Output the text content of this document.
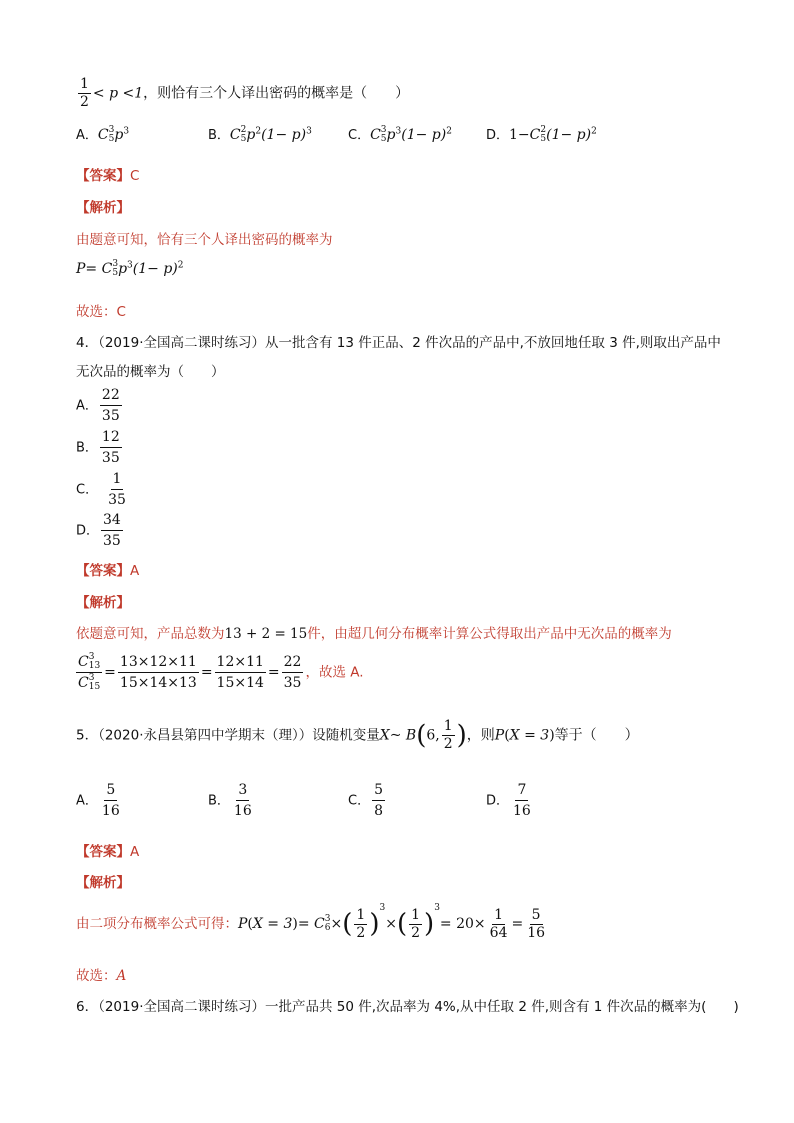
$\frac{1}{2} < p <1$，则恰有三个人译出密码的概率是（　　）
A．C 3
5 $p^3$	B．C 2
5 $p^2(1- p)^3$	C．C 3
5 $p^3(1- p)^2$	D．1−C 2
5 $(1- p)^2$
【答案】C
【解析】
由题意可知，恰有三个人译出密码的概率为
P= C 3
5 $p^3(1- p)^2$
故选：C
4．（2019·全国高二课时练习）从一批含有 13 件正品、2 件次品的产品中,不放回地任取 3 件,则取出产品中
无次品的概率为（　　）
A． $\frac{22}{35}$
B． $\frac{12}{35}$
C． $\frac{1}{35}$
D． $\frac{34}{35}$
【答案】A
【解析】
依题意可知，产品总数为13 + 2 = 15件，由超几何分布概率计算公式得取出产品中无次品的概率为
C 3
13
C 3
$15 = \frac{13\times 12\times 11}{15\times 14\times 13} = \frac{12\times 11}{15\times 14} = \frac{22}{35}$ ，故选 A.
5．（2020·永昌县第四中学期末（理））设随机变量X~ B(6, $\frac{1}{2}$ )，则P(X = 3)等于（　　）
A． $\frac{5}{16}$	B． $\frac{3}{16}$	C． $\frac{5}{8}$	D． $\frac{7}{16}$
【答案】A
【解析】
由二项分布概率公式可得：P(X = 3)= C 3
6 ×( $\frac{1}{2} )^3\times( \frac{1}{2} )^3= 20\times \frac{1}{64} = \frac{5}{16}$
故选：A
6．（2019·全国高二课时练习）一批产品共 50 件,次品率为 4%,从中任取 2 件,则含有 1 件次品的概率为(　　)
